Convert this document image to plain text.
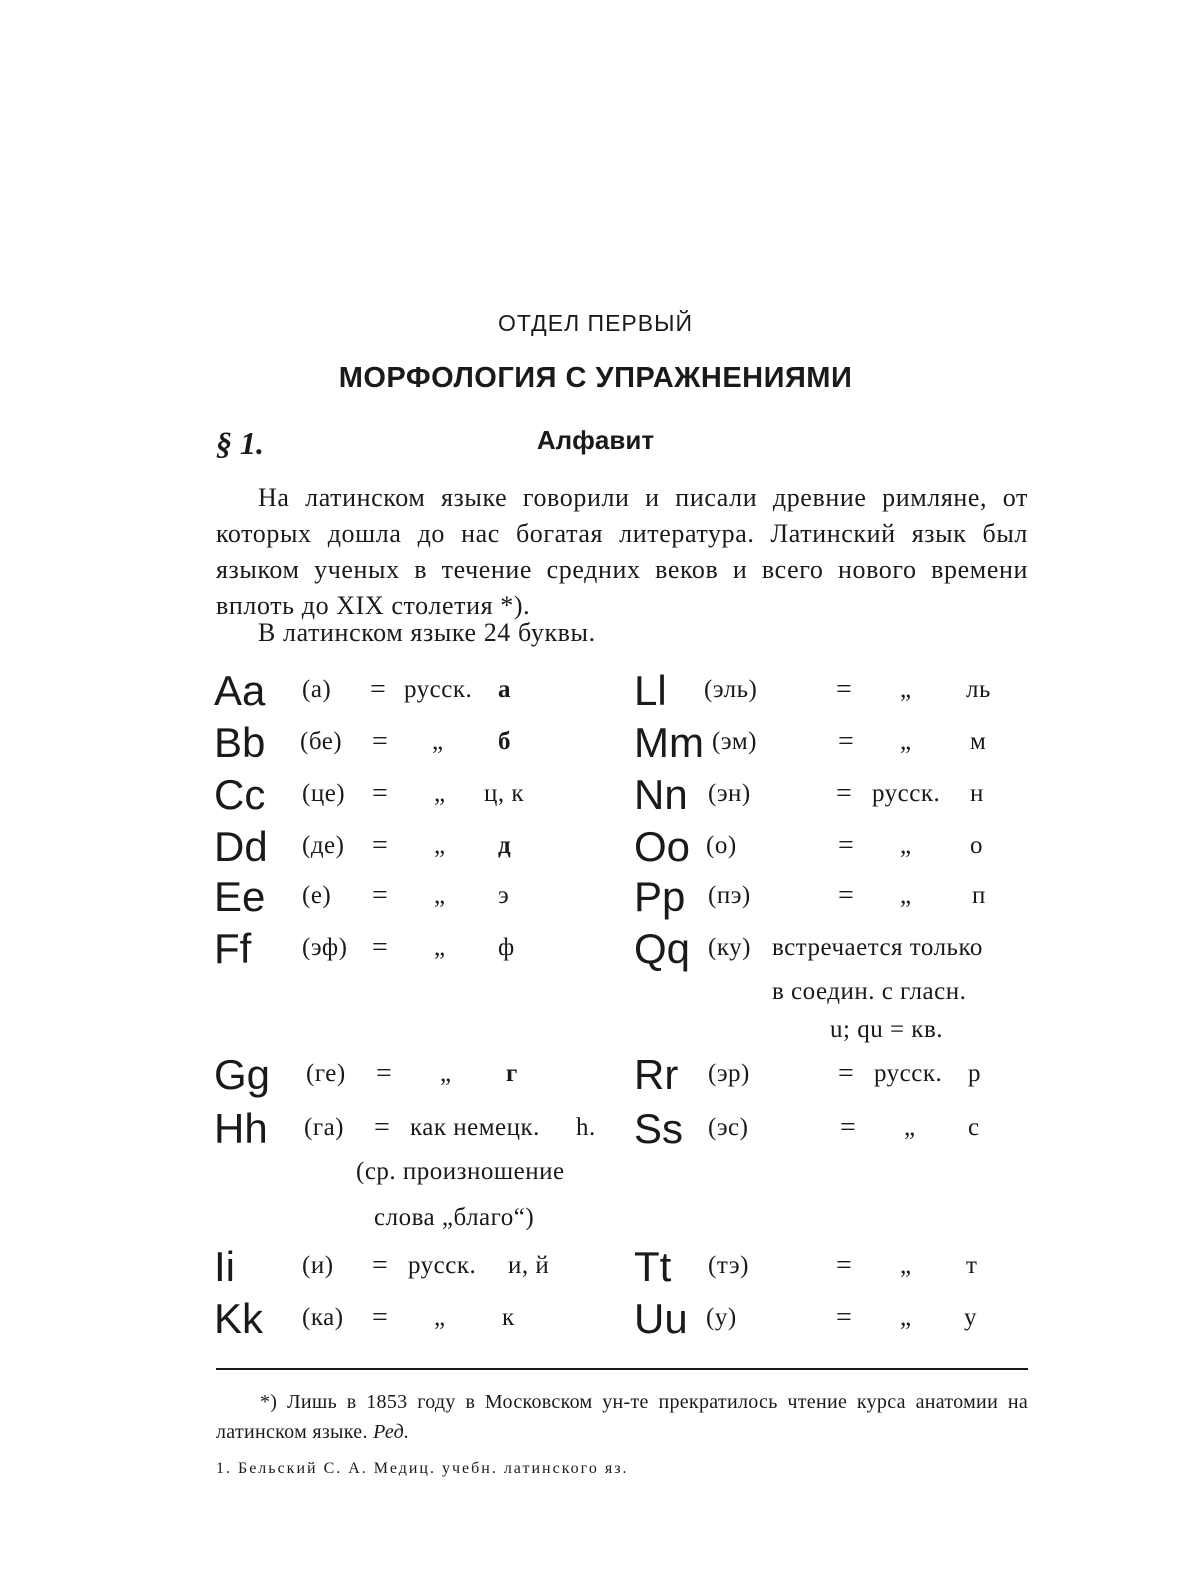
ОТДЕЛ ПЕРВЫЙ
МОРФОЛОГИЯ С УПРАЖНЕНИЯМИ
§ 1.	Алфавит

На латинском языке говорили и писали древние римляне, от которых дошла до нас богатая литература. Латинский язык был языком ученых в течение средних веков и всего нового времени вплоть до XIX столетия *).

В латинском языке 24 буквы.
Aa (а) = русск. а
Bb (бе) = „ б
Cc (це) = „ ц, к
Dd (де) = „ д
Ee (е) = „ э
Ff (эф) = „ ф
Gg (ге) = „ г
Hh (га) = как немецк. h.
(ср. произношение
слова „благо“)
Ii	(и) = русск. и, й
Kk (ка) = „ к
Ll (эль)	= „ ль
Mm (эм)	= „ м
Nn (эн)	= русск. н
Oo (о)	= „ о
Pp (пэ)	= „ п
Qq (ку) встречается только
в соедин. с гласн.
u; qu = кв.
Rr (эр)	= русск. р
Ss (эс)	= „ с
Tt (тэ)	= „ т
Uu (у)	= „ у

*) Лишь в 1853 году в Московском ун-те прекратилось чтение курса анатомии на латинском языке. Ред.

1. Бельский С. А. Медиц. учебн. латинского яз.
